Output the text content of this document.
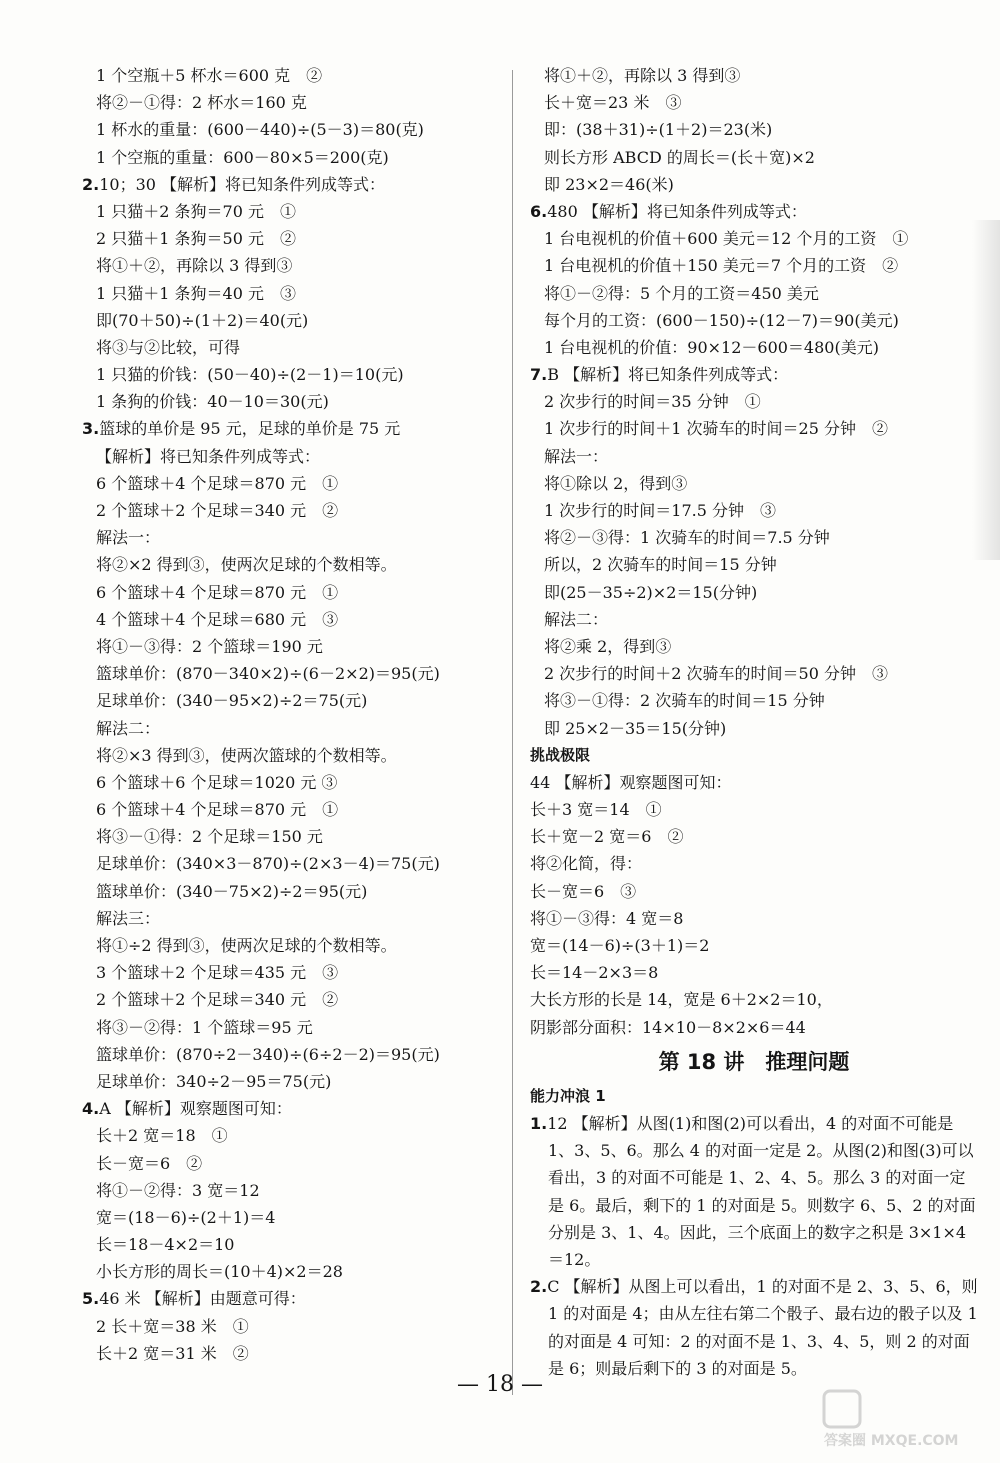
1 个空瓶＋5 杯水＝600 克　②
将②－①得：2 杯水＝160 克
1 杯水的重量：(600－440)÷(5－3)＝80(克)
1 个空瓶的重量：600－80×5＝200(克)
2.10；30 【解析】将已知条件列成等式：
1 只猫＋2 条狗＝70 元　①
2 只猫＋1 条狗＝50 元　②
将①＋②，再除以 3 得到③
1 只猫＋1 条狗＝40 元　③
即(70＋50)÷(1＋2)＝40(元)
将③与②比较，可得
1 只猫的价钱：(50－40)÷(2－1)＝10(元)
1 条狗的价钱：40－10＝30(元)
3.篮球的单价是 95 元，足球的单价是 75 元
【解析】将已知条件列成等式：
6 个篮球＋4 个足球＝870 元　①
2 个篮球＋2 个足球＝340 元　②
解法一：
将②×2 得到③，使两次足球的个数相等。
6 个篮球＋4 个足球＝870 元　①
4 个篮球＋4 个足球＝680 元　③
将①－③得：2 个篮球＝190 元
篮球单价：(870－340×2)÷(6－2×2)＝95(元)
足球单价：(340－95×2)÷2＝75(元)
解法二：
将②×3 得到③，使两次篮球的个数相等。
6 个篮球＋6 个足球＝1020 元 ③
6 个篮球＋4 个足球＝870 元　①
将③－①得：2 个足球＝150 元
足球单价：(340×3－870)÷(2×3－4)＝75(元)
篮球单价：(340－75×2)÷2＝95(元)
解法三：
将①÷2 得到③，使两次足球的个数相等。
3 个篮球＋2 个足球＝435 元　③
2 个篮球＋2 个足球＝340 元　②
将③－②得：1 个篮球＝95 元
篮球单价：(870÷2－340)÷(6÷2－2)＝95(元)
足球单价：340÷2－95＝75(元)
4.A 【解析】观察题图可知：
长＋2 宽＝18　①
长－宽＝6　②
将①－②得：3 宽＝12
宽＝(18－6)÷(2＋1)＝4
长＝18－4×2＝10
小长方形的周长＝(10＋4)×2＝28
5.46 米 【解析】由题意可得：
2 长＋宽＝38 米　①
长＋2 宽＝31 米　②
将①＋②，再除以 3 得到③
长＋宽＝23 米　③
即：(38＋31)÷(1＋2)＝23(米)
则长方形 ABCD 的周长＝(长＋宽)×2
即 23×2＝46(米)
6.480 【解析】将已知条件列成等式：
1 台电视机的价值＋600 美元＝12 个月的工资　①
1 台电视机的价值＋150 美元＝7 个月的工资　②
将①－②得：5 个月的工资＝450 美元
每个月的工资：(600－150)÷(12－7)＝90(美元)
1 台电视机的价值：90×12－600＝480(美元)
7.B 【解析】将已知条件列成等式：
2 次步行的时间＝35 分钟　①
1 次步行的时间＋1 次骑车的时间＝25 分钟　②
解法一：
将①除以 2，得到③
1 次步行的时间＝17.5 分钟　③
将②－③得：1 次骑车的时间＝7.5 分钟
所以，2 次骑车的时间＝15 分钟
即(25－35÷2)×2＝15(分钟)
解法二：
将②乘 2，得到③
2 次步行的时间＋2 次骑车的时间＝50 分钟　③
将③－①得：2 次骑车的时间＝15 分钟
即 25×2－35＝15(分钟)
挑战极限
44 【解析】观察题图可知：
长＋3 宽＝14　①
长＋宽－2 宽＝6　②
将②化简，得：
长－宽＝6　③
将①－③得：4 宽＝8
宽＝(14－6)÷(3＋1)＝2
长＝14－2×3＝8
大长方形的长是 14，宽是 6＋2×2＝10，
阴影部分面积：14×10－8×2×6＝44
第 18 讲　推理问题
能力冲浪 1
1.12 【解析】从图(1)和图(2)可以看出，4 的对面不可能是 1、3、5、6。那么 4 的对面一定是 2。从图(2)和图(3)可以看出，3 的对面不可能是 1、2、4、5。那么 3 的对面一定是 6。最后，剩下的 1 的对面是 5。则数字 6、5、2 的对面分别是 3、1、4。因此，三个底面上的数字之积是 3×1×4＝12。
2.C 【解析】从图上可以看出，1 的对面不是 2、3、5、6，则 1 的对面是 4；由从左往右第二个骰子、最右边的骰子以及 1 的对面是 4 可知：2 的对面不是 1、3、4、5，则 2 的对面是 6；则最后剩下的 3 的对面是 5。
— 18 —
答案圈 MXQE.COM
